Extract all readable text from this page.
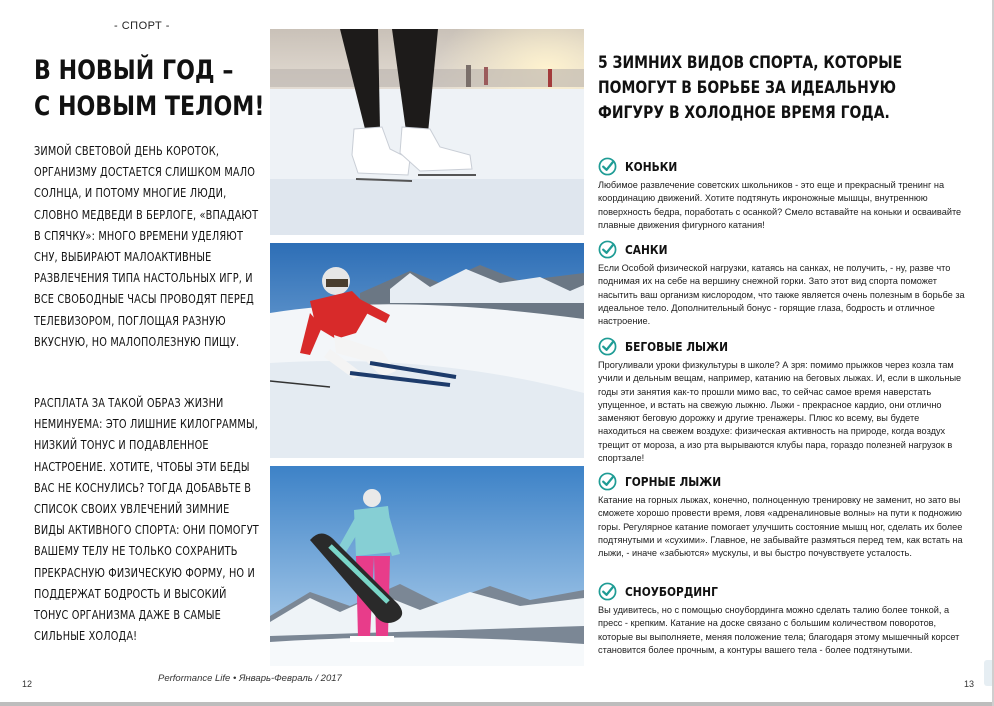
- СПОРТ -
В НОВЫЙ ГОД –
С НОВЫМ ТЕЛОМ!
ЗИМОЙ СВЕТОВОЙ ДЕНЬ КОРОТОК, ОРГАНИЗМУ ДОСТАЕТСЯ СЛИШКОМ МАЛО СОЛНЦА, И ПОТОМУ МНОГИЕ ЛЮДИ, СЛОВНО МЕДВЕДИ В БЕРЛОГЕ, «ВПАДАЮТ В СПЯЧКУ»: МНОГО ВРЕМЕНИ УДЕЛЯЮТ СНУ, ВЫБИРАЮТ МАЛОАКТИВНЫЕ РАЗВЛЕЧЕНИЯ ТИПА НАСТОЛЬНЫХ ИГР, И ВСЕ СВОБОДНЫЕ ЧАСЫ ПРОВОДЯТ ПЕРЕД ТЕЛЕВИЗОРОМ, ПОГЛОЩАЯ РАЗНУЮ ВКУСНУЮ, НО МАЛОПОЛЕЗНУЮ ПИЩУ.
РАСПЛАТА ЗА ТАКОЙ ОБРАЗ ЖИЗНИ НЕМИНУЕМА: ЭТО ЛИШНИЕ КИЛОГРАММЫ, НИЗКИЙ ТОНУС И ПОДАВЛЕННОЕ НАСТРОЕНИЕ. ХОТИТЕ, ЧТОБЫ ЭТИ БЕДЫ ВАС НЕ КОСНУЛИСЬ? ТОГДА ДОБАВЬТЕ В СПИСОК СВОИХ УВЛЕЧЕНИЙ ЗИМНИЕ ВИДЫ АКТИВНОГО СПОРТА: ОНИ ПОМОГУТ ВАШЕМУ ТЕЛУ НЕ ТОЛЬКО СОХРАНИТЬ ПРЕКРАСНУЮ ФИЗИЧЕСКУЮ ФОРМУ, НО И ПОДДЕРЖАТ БОДРОСТЬ И ВЫСОКИЙ ТОНУС ОРГАНИЗМА ДАЖЕ В САМЫЕ СИЛЬНЫЕ ХОЛОДА!
Performance Life • Январь-Февраль / 2017
12	13
5 ЗИМНИХ ВИДОВ СПОРТА, КОТОРЫЕ ПОМОГУТ В БОРЬБЕ ЗА ИДЕАЛЬНУЮ ФИГУРУ В ХОЛОДНОЕ ВРЕМЯ ГОДА.
КОНЬКИ
Любимое развлечение советских школьников - это еще и прекрасный тренинг на координацию движений. Хотите подтянуть икроножные мышцы, внутреннюю поверхность бедра, поработать с осанкой? Смело вставайте на коньки и осваивайте плавные движения фигурного катания!
САНКИ
Если Особой физической нагрузки, катаясь на санках, не получить, - ну, разве что поднимая их на себе на вершину снежной горки. Зато этот вид спорта поможет насытить ваш организм кислородом, что также является очень полезным в борьбе за идеальное тело. Дополнительный бонус - горящие глаза, бодрость и отличное настроение.
БЕГОВЫЕ ЛЫЖИ
Прогуливали уроки физкультуры в школе? А зря: помимо прыжков через козла там учили и дельным вещам, например, катанию на беговых лыжах. И, если в школьные годы эти занятия как-то прошли мимо вас, то сейчас самое время наверстать упущенное, и встать на свежую лыжню. Лыжи - прекрасное кардио, они отлично заменяют беговую дорожку и другие тренажеры. Плюс ко всему, вы будете находиться на свежем воздухе: физическая активность на природе, когда воздух трещит от мороза, а изо рта вырываются клубы пара, гораздо полезней нагрузок в спортзале!
ГОРНЫЕ ЛЫЖИ
Катание на горных лыжах, конечно, полноценную тренировку не заменит, но зато вы сможете хорошо провести время, ловя «адреналиновые волны» на пути к подножию горы. Регулярное катание помогает улучшить состояние мышц ног, сделать их более подтянутыми и «сухими». Главное, не забывайте размяться перед тем, как встать на лыжи, - иначе «забьются» мускулы, и вы быстро почувствуете усталость.
СНОУБОРДИНГ
Вы удивитесь, но с помощью сноубординга можно сделать талию более тонкой, а пресс - крепким. Катание на доске связано с большим количеством поворотов, которые вы выполняете, меняя положение тела; благодаря этому мышечный корсет становится более прочным, а контуры вашего тела - более подтянутыми.
